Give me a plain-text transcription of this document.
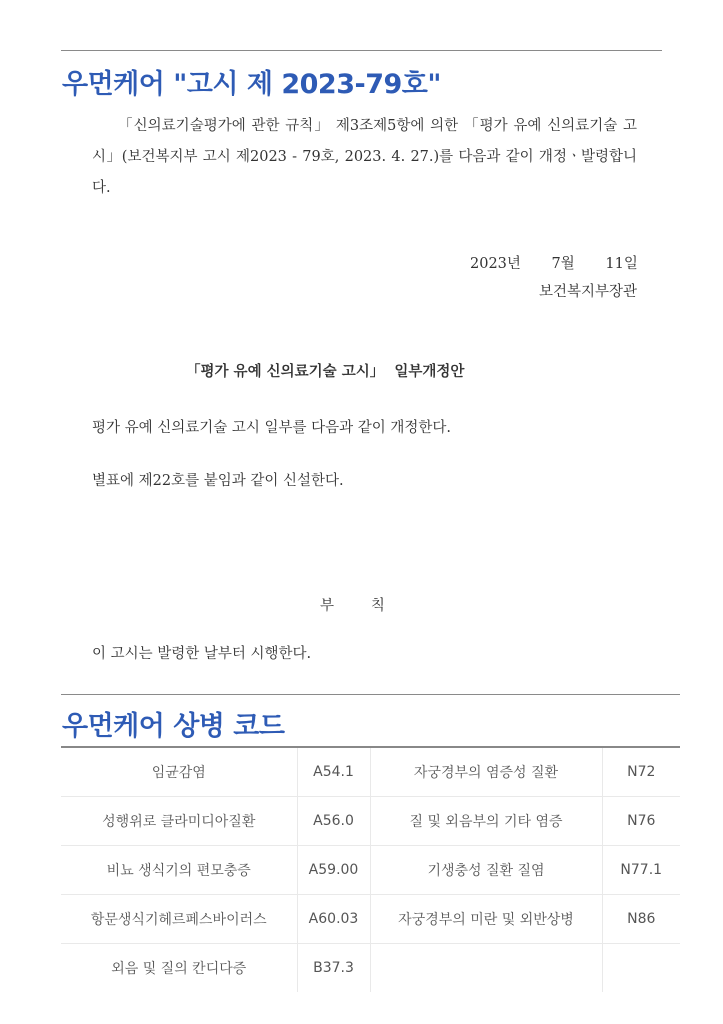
우먼케어 "고시 제 2023-79호"
「신의료기술평가에 관한 규칙」 제3조제5항에 의한 「평가 유예 신의료기술 고시」(보건복지부 고시 제2023 - 79호, 2023. 4. 27.)를 다음과 같이 개정ㆍ발령합니다.
2023년 7월 11일
보건복지부장관
「평가 유예 신의료기술 고시」  일부개정안
평가 유예 신의료기술 고시 일부를 다음과 같이 개정한다.
별표에 제22호를 붙임과 같이 신설한다.
부        칙
이 고시는 발령한 날부터 시행한다.
우먼케어 상병 코드
임균감염	A54.1	자궁경부의 염증성 질환	N72
성행위로 클라미디아질환	A56.0	질 및 외음부의 기타 염증	N76
비뇨 생식기의 편모충증	A59.00	기생충성 질환 질염	N77.1
항문생식기헤르페스바이러스	A60.03	자궁경부의 미란 및 외반상병	N86
외음 및 질의 칸디다증	B37.3		
